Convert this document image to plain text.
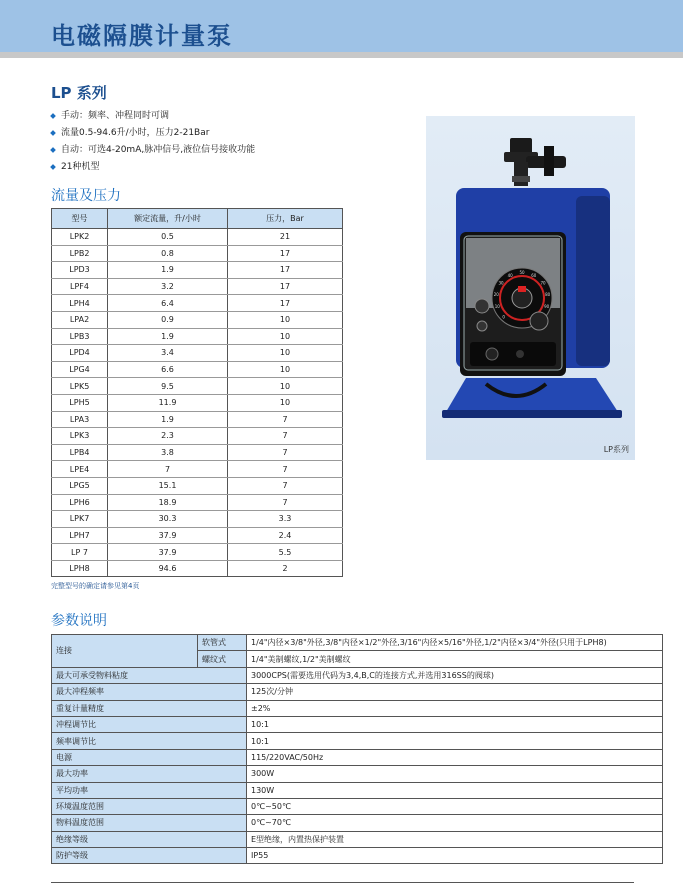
电磁隔膜计量泵
LP 系列
手动：频率、冲程同时可调
流量0.5-94.6升/小时，压力2-21Bar
自动：可选4-20mA,脉冲信号,液位信号接收功能
21种机型
流量及压力
型号	额定流量，升/小时	压力，Bar
LPK2	0.5	21
LPB2	0.8	17
LPD3	1.9	17
LPF4	3.2	17
LPH4	6.4	17
LPA2	0.9	10
LPB3	1.9	10
LPD4	3.4	10
LPG4	6.6	10
LPK5	9.5	10
LPH5	11.9	10
LPA3	1.9	7
LPK3	2.3	7
LPB4	3.8	7
LPE4	7	7
LPG5	15.1	7
LPH6	18.9	7
LPK7	30.3	3.3
LPH7	37.9	2.4
LP 7	37.9	5.5
LPH8	94.6	2
完整型号的确定请参见第4页
0
10
20
30
40
50
60
70
80
90
LP系列
参数说明
连接	软管式	1/4"内径×3/8"外径,3/8"内径×1/2"外径,3/16"内径×5/16"外径,1/2"内径×3/4"外径(只用于LPH8)
	螺纹式	1/4"美制螺纹,1/2"美制螺纹
最大可承受物料粘度		3000CPS(需要选用代码为3,4,B,C的连接方式,并选用316SS的阀球)
最大冲程频率		125次/分钟
重复计量精度		±2%
冲程调节比		10:1
频率调节比		10:1
电源		115/220VAC/50Hz
最大功率		300W
平均功率		130W
环境温度范围		0℃~50℃
物料温度范围		0℃~70℃
绝缘等级		E型绝缘，内置热保护装置
防护等级		IP55
